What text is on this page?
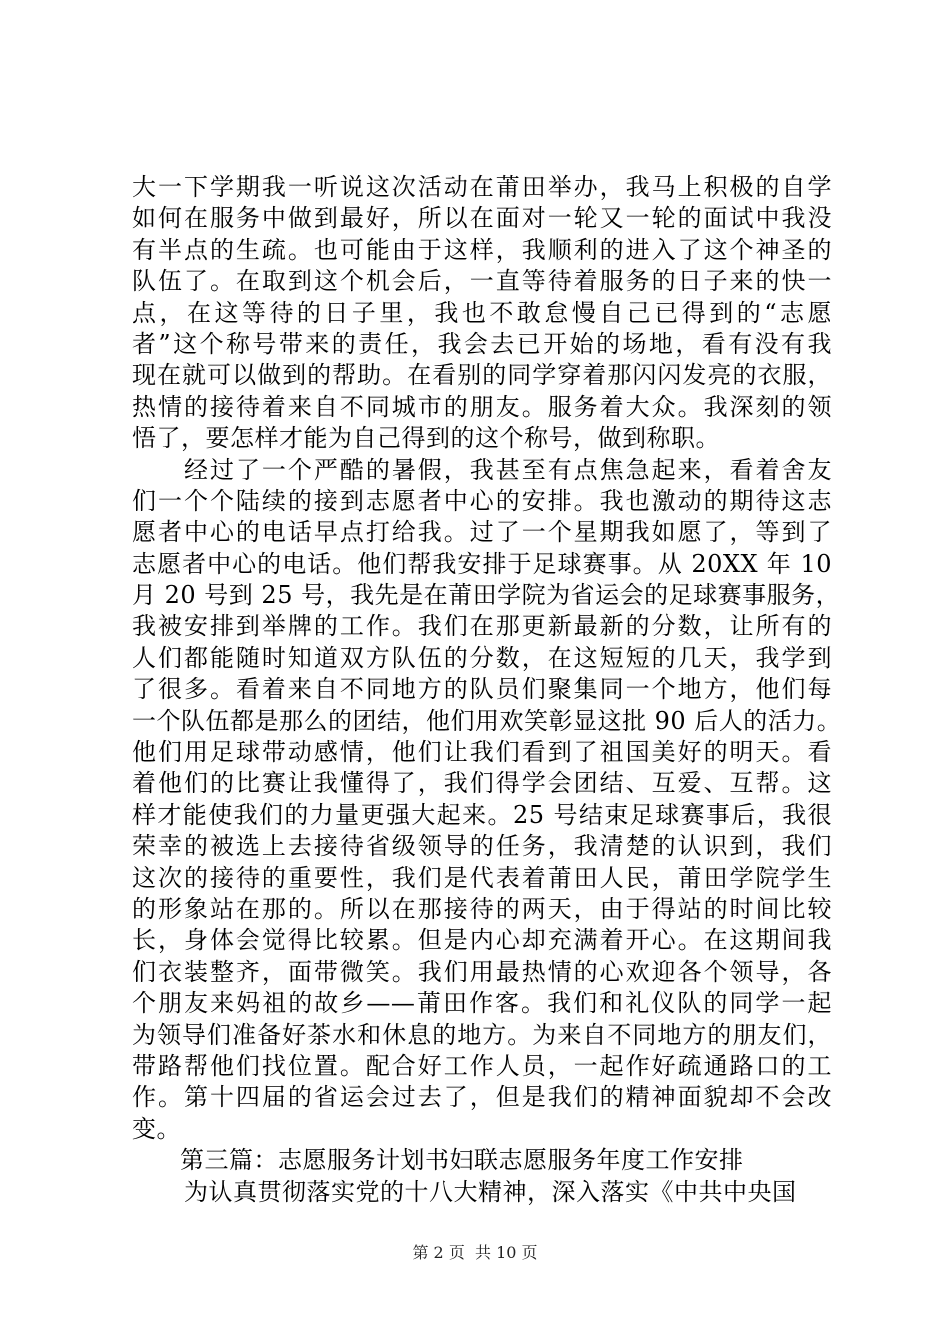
大一下学期我一听说这次活动在莆田举办，我马上积极的自学
如何在服务中做到最好，所以在面对一轮又一轮的面试中我没
有半点的生疏。也可能由于这样，我顺利的进入了这个神圣的
队伍了。在取到这个机会后，一直等待着服务的日子来的快一
点，在这等待的日子里，我也不敢怠慢自己已得到的“志愿
者”这个称号带来的责任，我会去已开始的场地，看有没有我
现在就可以做到的帮助。在看别的同学穿着那闪闪发亮的衣服，
热情的接待着来自不同城市的朋友。服务着大众。我深刻的领
悟了，要怎样才能为自己得到的这个称号，做到称职。
经过了一个严酷的暑假，我甚至有点焦急起来，看着舍友
们一个个陆续的接到志愿者中心的安排。我也激动的期待这志
愿者中心的电话早点打给我。过了一个星期我如愿了，等到了
志愿者中心的电话。他们帮我安排于足球赛事。从 20XX 年 10
月 20 号到 25 号，我先是在莆田学院为省运会的足球赛事服务，
我被安排到举牌的工作。我们在那更新最新的分数，让所有的
人们都能随时知道双方队伍的分数，在这短短的几天，我学到
了很多。看着来自不同地方的队员们聚集同一个地方，他们每
一个队伍都是那么的团结，他们用欢笑彰显这批 90 后人的活力。
他们用足球带动感情，他们让我们看到了祖国美好的明天。看
着他们的比赛让我懂得了，我们得学会团结、互爱、互帮。这
样才能使我们的力量更强大起来。25 号结束足球赛事后，我很
荣幸的被选上去接待省级领导的任务，我清楚的认识到，我们
这次的接待的重要性，我们是代表着莆田人民，莆田学院学生
的形象站在那的。所以在那接待的两天，由于得站的时间比较
长，身体会觉得比较累。但是内心却充满着开心。在这期间我
们衣装整齐，面带微笑。我们用最热情的心欢迎各个领导，各
个朋友来妈祖的故乡——莆田作客。我们和礼仪队的同学一起
为领导们准备好茶水和休息的地方。为来自不同地方的朋友们，
带路帮他们找位置。配合好工作人员，一起作好疏通路口的工
作。第十四届的省运会过去了，但是我们的精神面貌却不会改
变。
第三篇：志愿服务计划书妇联志愿服务年度工作安排
为认真贯彻落实党的十八大精神，深入落实《中共中央国
第 2 页  共 10 页
